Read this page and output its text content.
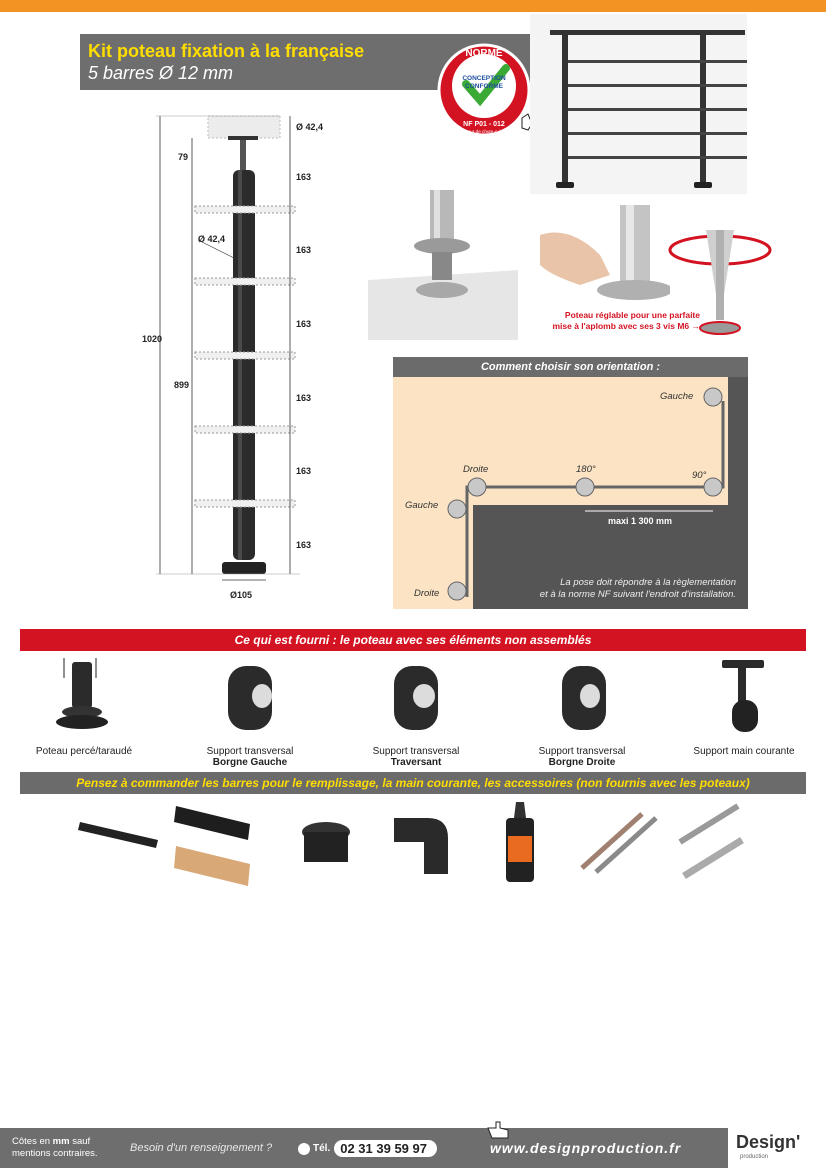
Kit poteau fixation à la française
5 barres Ø 12 mm
NORME
CONCEPTION
CONFORME
NF P01 - 012
Hauteur de chute < à 1 m
Dénivelé < à 45°
Ø 42,4
79
163
163
163
163
163
163
Ø 42,4
1020
899
Ø105
Poteau réglable pour une parfaite
mise à l'aplomb avec ses 3 vis M6 →
Comment choisir son orientation :
Gauche
Droite	180°
90°
Gauche
Droite
maxi 1 300 mm
La pose doit répondre à la règlementation
et à la norme NF suivant l'endroit d'installation.
Ce qui est fourni : le poteau avec ses éléments non assemblés
Poteau percé/taraudé	Support transversal
Borgne Gauche
Support transversal
Traversant
Support transversal
Borgne Droite
Support main courante
Pensez à commander les barres pour le remplissage, la main courante, les accessoires (non fournis avec les poteaux)
Côtes en mm sauf
mentions contraires.	Besoin d'un renseignement ?	Tél. 02 31 39 59 97	www.designproduction.fr	Design'
production
